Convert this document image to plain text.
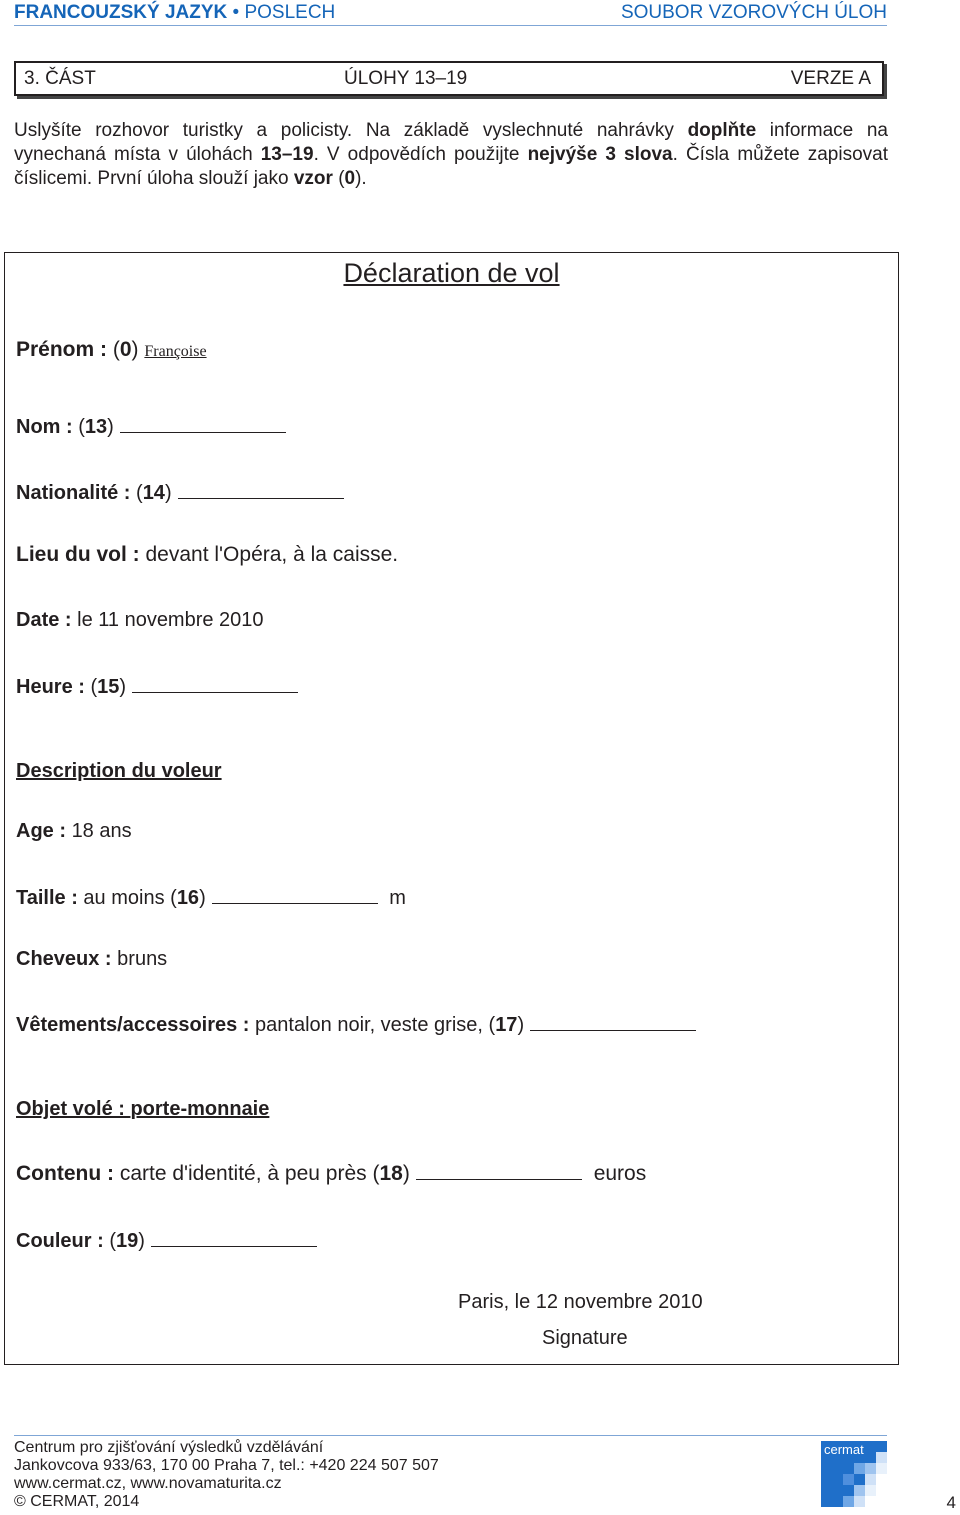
FRANCOUZSKÝ JAZYK • POSLECH	SOUBOR VZOROVÝCH ÚLOH
3. ČÁST	ÚLOHY 13–19	VERZE A
Uslyšíte rozhovor turistky a policisty. Na základě vyslechnuté nahrávky doplňte informace na vynechaná místa v úlohách 13–19. V odpovědích použijte nejvýše 3 slova. Čísla můžete zapisovat číslicemi. První úloha slouží jako vzor (0).
Déclaration de vol
Prénom : (0) Françoise
Nom : (13)
Nationalité : (14)
Lieu du vol : devant l'Opéra, à la caisse.
Date : le 11 novembre 2010
Heure : (15)
Description du voleur
Age : 18 ans
Taille : au moins (16)	m
Cheveux : bruns
Vêtements/accessoires : pantalon noir, veste grise, (17)
Objet volé : porte-monnaie
Contenu : carte d'identité, à peu près (18)	euros
Couleur : (19)
Paris, le 12 novembre 2010
Signature
Centrum pro zjišťování výsledků vzdělávání
Jankovcova 933/63, 170 00 Praha 7, tel.: +420 224 507 507
www.cermat.cz, www.novamaturita.cz
© CERMAT, 2014
cermat
4
